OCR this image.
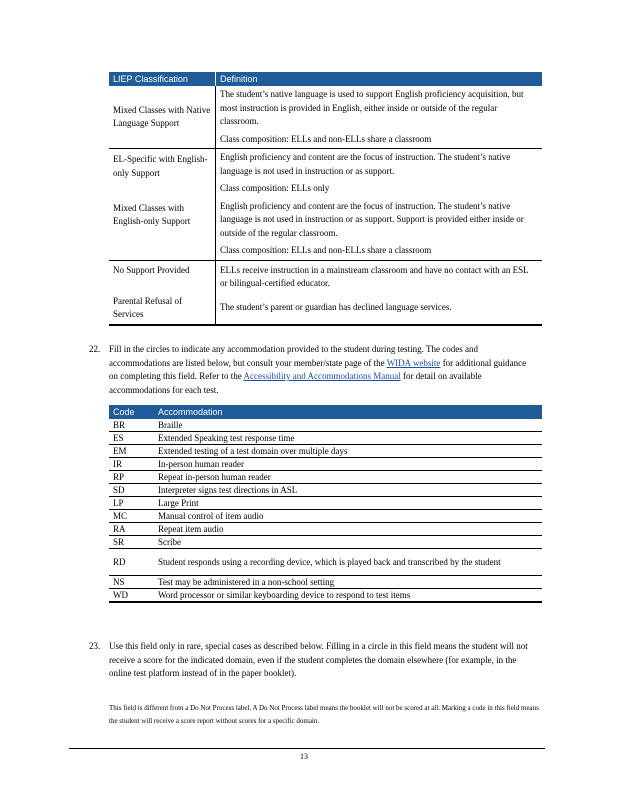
LIEP Classification	Definition
Mixed Classes with Native Language Support	The student’s native language is used to support English proficiency acquisition, but most instruction is provided in English, either inside or outside of the regular classroom.

Class composition: ELLs and non-ELLs share a classroom

EL-Specific with English-only Support	English proficiency and content are the focus of instruction. The student’s native language is not used in instruction or as support.

Class composition: ELLs only

Mixed Classes with English-only Support	English proficiency and content are the focus of instruction. The student’s native language is not used in instruction or as support. Support is provided either inside or outside of the regular classroom.

Class composition: ELLs and non-ELLs share a classroom

No Support Provided	ELLs receive instruction in a mainstream classroom and have no contact with an ESL or bilingual-certified educator.
Parental Refusal of Services	The student’s parent or guardian has declined language services.
22. Fill in the circles to indicate any accommodation provided to the student during testing. The codes and accommodations are listed below, but consult your member/state page of the WIDA website for additional guidance on completing this field. Refer to the Accessibility and Accommodations Manual for detail on available accommodations for each test.
Code	Accommodation
BR	Braille
ES	Extended Speaking test response time
EM	Extended testing of a test domain over multiple days
IR	In-person human reader
RP	Repeat in-person human reader
SD	Interpreter signs test directions in ASL
LP	Large Print
MC	Manual control of item audio
RA	Repeat item audio
SR	Scribe
RD	Student responds using a recording device, which is played back and transcribed by the student
NS	Test may be administered in a non-school setting
WD	Word processor or similar keyboarding device to respond to test items
23. Use this field only in rare, special cases as described below. Filling in a circle in this field means the student will not receive a score for the indicated domain, even if the student completes the domain elsewhere (for example, in the online test platform instead of in the paper booklet).
This field is different from a Do Not Process label. A Do Not Process label means the booklet will not be scored at all. Marking a code in this field means the student will receive a score report without scores for a specific domain.
13
